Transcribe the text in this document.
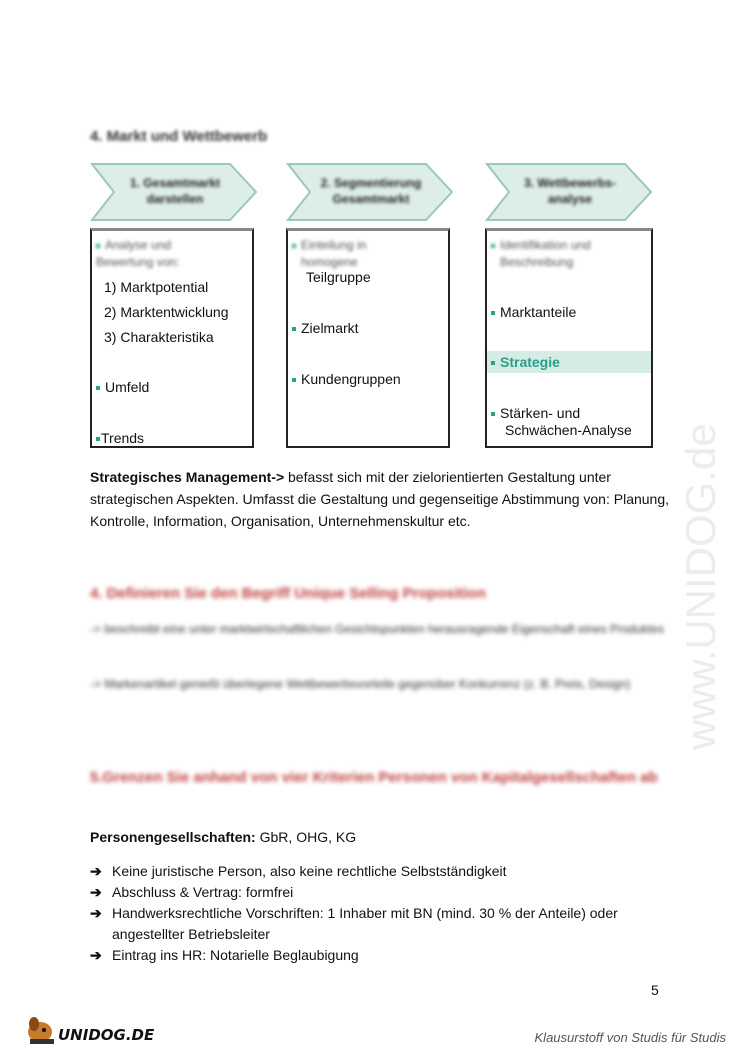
4. Markt und Wettbewerb
1. Gesamtmarkt
darstellen
2. Segmentierung
Gesamtmarkt
3. Wettbewerbs-
analyse
Analyse und
Bewertung von:
1) Marktpotential
2) Marktentwicklung
3) Charakteristika
Umfeld
Trends
Einteilung in
homogene
Teilgruppe
Zielmarkt
Kundengruppen
Identifikation und
Beschreibung
Marktanteile
Strategie
Stärken- und
Schwächen-Analyse
Strategisches Management-> befasst sich mit der zielorientierten Gestaltung unter strategischen Aspekten. Umfasst die Gestaltung und gegenseitige Abstimmung von: Planung, Kontrolle, Information, Organisation, Unternehmenskultur etc.
4. Definieren Sie den Begriff Unique Selling Proposition
-> beschreibt eine unter marktwirtschaftlichen Gesichtspunkten herausragende Eigenschaft eines Produktes
-> Markenartikel genießt überlegene Wettbewerbsvorteile gegenüber Konkurrenz (z. B. Preis, Design)
5.Grenzen Sie anhand von vier Kriterien Personen von Kapitalgesellschaften ab
Personengesellschaften: GbR, OHG, KG
➔ Keine juristische Person, also keine rechtliche Selbstständigkeit
➔ Abschluss & Vertrag: formfrei
➔ Handwerksrechtliche Vorschriften: 1 Inhaber mit BN (mind. 30 % der Anteile) oder angestellter Betriebsleiter
➔ Eintrag ins HR: Notarielle Beglaubigung
5
www.UNIDOG.de
UNIDOG.DE	Klausurstoff von Studis für Studis
